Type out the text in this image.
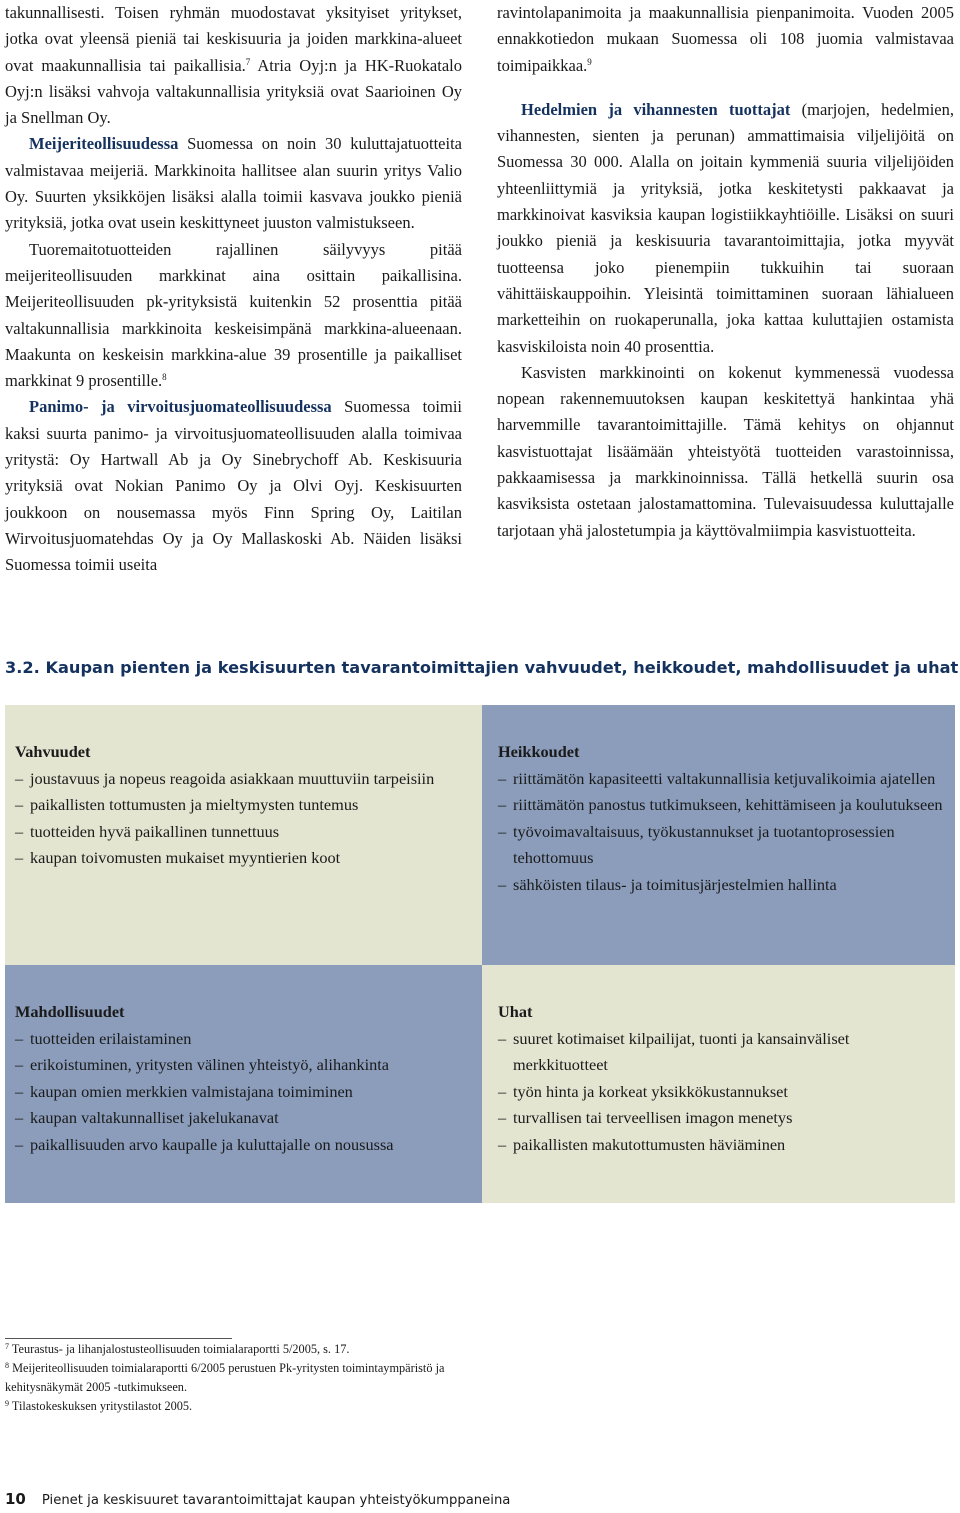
takunnallisesti. Toisen ryhmän muodostavat yksityiset yritykset, jotka ovat yleensä pieniä tai keskisuuria ja joiden markkina-alueet ovat maakunnallisia tai paikallisia.$^7$ Atria Oyj:n ja HK-Ruokatalo Oyj:n lisäksi vahvoja valtakunnallisia yrityksiä ovat Saarioinen Oy ja Snellman Oy.

Meijeriteollisuudessa Suomessa on noin 30 kuluttajatuotteita valmistavaa meijeriä. Markkinoita hallitsee alan suurin yritys Valio Oy. Suurten yksikköjen lisäksi alalla toimii kasvava joukko pieniä yrityksiä, jotka ovat usein keskittyneet juuston valmistukseen.

Tuoremaitotuotteiden rajallinen säilyvyys pitää meijeriteollisuuden markkinat aina osittain paikallisina. Meijeriteollisuuden pk-yrityksistä kuitenkin 52 prosenttia pitää valtakunnallisia markkinoita keskeisimpänä markkina-alueenaan. Maakunta on keskeisin markkina-alue 39 prosentille ja paikalliset markkinat 9 prosentille.$^8$

Panimo- ja virvoitusjuomateollisuudessa Suomessa toimii kaksi suurta panimo- ja virvoitusjuomateollisuuden alalla toimivaa yritystä: Oy Hartwall Ab ja Oy Sinebrychoff Ab. Keskisuuria yrityksiä ovat Nokian Panimo Oy ja Olvi Oyj. Keskisuurten joukkoon on nousemassa myös Finn Spring Oy, Laitilan Wirvoitusjuomatehdas Oy ja Oy Mallaskoski Ab. Näiden lisäksi Suomessa toimii useita

ravintolapanimoita ja maakunnallisia pienpanimoita. Vuoden 2005 ennakkotiedon mukaan Suomessa oli 108 juomia valmistavaa toimipaikkaa.$^9$

Hedelmien ja vihannesten tuottajat (marjojen, hedelmien, vihannesten, sienten ja perunan) ammattimaisia viljelijöitä on Suomessa 30 000. Alalla on joitain kymmeniä suuria viljelijöiden yhteenliittymiä ja yrityksiä, jotka keskitetysti pakkaavat ja markkinoivat kasviksia kaupan logistiikkayhtiöille. Lisäksi on suuri joukko pieniä ja keskisuuria tavarantoimittajia, jotka myyvät tuotteensa joko pienempiin tukkuihin tai suoraan vähittäiskauppoihin. Yleisintä toimittaminen suoraan lähialueen marketteihin on ruokaperunalla, joka kattaa kuluttajien ostamista kasviskiloista noin 40 prosenttia.

Kasvisten markkinointi on kokenut kymmenessä vuodessa nopean rakennemuutoksen kaupan keskitettyä hankintaa yhä harvemmille tavarantoimittajille. Tämä kehitys on ohjannut kasvistuottajat lisäämään yhteistyötä tuotteiden varastoinnissa, pakkaamisessa ja markkinoinnissa. Tällä hetkellä suurin osa kasviksista ostetaan jalostamattomina. Tulevaisuudessa kuluttajalle tarjotaan yhä jalostetumpia ja käyttövalmiimpia kasvistuotteita.

3.2. Kaupan pienten ja keskisuurten tavarantoimittajien vahvuudet, heikkoudet, mahdollisuudet ja uhat

Vahvuudet

– joustavuus ja nopeus reagoida asiakkaan muuttuviin tarpeisiin
– paikallisten tottumusten ja mieltymysten tuntemus
– tuotteiden hyvä paikallinen tunnettuus
– kaupan toivomusten mukaiset myyntierien koot

Heikkoudet

– riittämätön kapasiteetti valtakunnallisia ketjuvalikoimia ajatellen
– riittämätön panostus tutkimukseen, kehittämiseen ja koulutukseen
– työvoimavaltaisuus, työkustannukset ja tuotantoprosessien tehottomuus
– sähköisten tilaus- ja toimitusjärjestelmien hallinta

Mahdollisuudet

– tuotteiden erilaistaminen
– erikoistuminen, yritysten välinen yhteistyö, alihankinta
– kaupan omien merkkien valmistajana toimiminen
– kaupan valtakunnalliset jakelukanavat
– paikallisuuden arvo kaupalle ja kuluttajalle on nousussa

Uhat

– suuret kotimaiset kilpailijat, tuonti ja kansainväliset merkkituotteet
– työn hinta ja korkeat yksikkökustannukset
– turvallisen tai terveellisen imagon menetys
– paikallisten makutottumusten häviäminen

$^7$ Teurastus- ja lihanjalostusteollisuuden toimialaraportti 5/2005, s. 17.

$^8$ Meijeriteollisuuden toimialaraportti 6/2005 perustuen Pk-yritysten toimintaympäristö ja kehitysnäkymät 2005 -tutkimukseen.

$^9$ Tilastokeskuksen yritystilastot 2005.

10 Pienet ja keskisuuret tavarantoimittajat kaupan yhteistyökumppaneina
